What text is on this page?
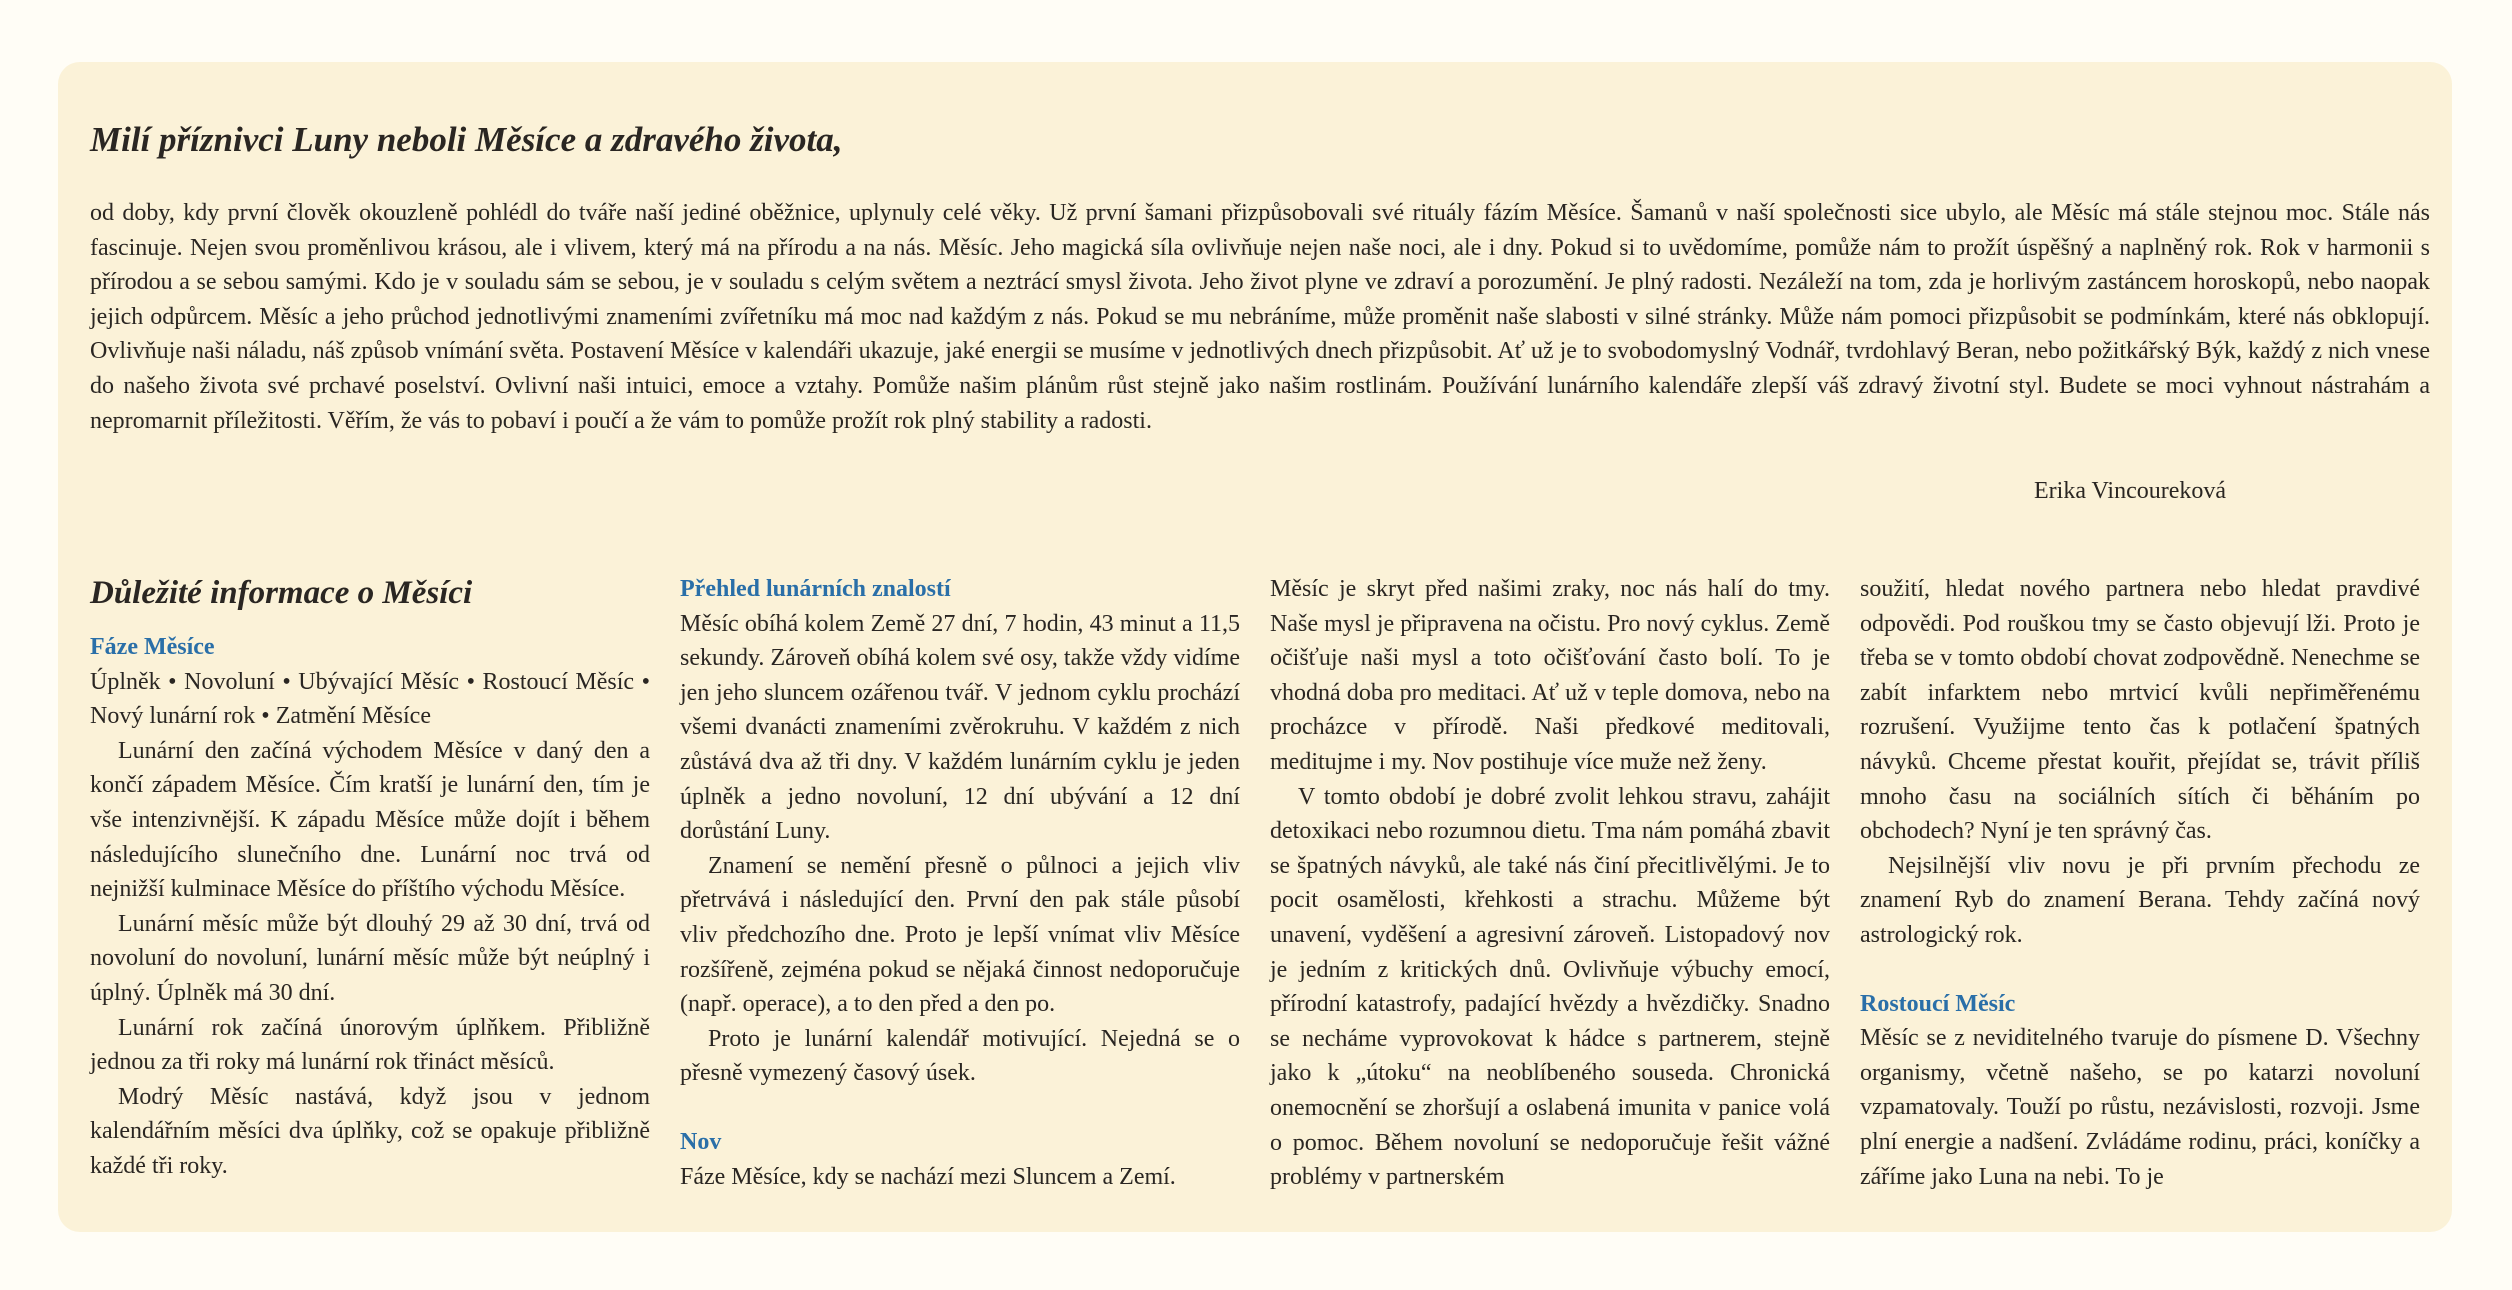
Milí příznivci Luny neboli Měsíce a zdravého života,

od doby, kdy první člověk okouzleně pohlédl do tváře naší jediné oběžnice, uplynuly celé věky. Už první šamani přizpůsobovali své rituály fázím Měsíce. Šamanů v naší společnosti sice ubylo, ale Měsíc má stále stejnou moc. Stále nás fascinuje. Nejen svou proměnlivou krásou, ale i vlivem, který má na přírodu a na nás. Měsíc. Jeho magická síla ovlivňuje nejen naše noci, ale i dny. Pokud si to uvědomíme, pomůže nám to prožít úspěšný a naplněný rok. Rok v harmonii s přírodou a se sebou samými. Kdo je v souladu sám se sebou, je v souladu s celým světem a neztrácí smysl života. Jeho život plyne ve zdraví a porozumění. Je plný radosti. Nezáleží na tom, zda je horlivým zastáncem horoskopů, nebo naopak jejich odpůrcem. Měsíc a jeho průchod jednotlivými znameními zvířetníku má moc nad každým z nás. Pokud se mu nebráníme, může proměnit naše slabosti v silné stránky. Může nám pomoci přizpůsobit se podmínkám, které nás obklopují. Ovlivňuje naši náladu, náš způsob vnímání světa. Postavení Měsíce v kalendáři ukazuje, jaké energii se musíme v jednotlivých dnech přizpůsobit. Ať už je to svobodomyslný Vodnář, tvrdohlavý Beran, nebo požitkářský Býk, každý z nich vnese do našeho života své prchavé poselství. Ovlivní naši intuici, emoce a vztahy. Pomůže našim plánům růst stejně jako našim rostlinám. Používání lunárního kalendáře zlepší váš zdravý životní styl. Budete se moci vyhnout nástrahám a nepromarnit příležitosti. Věřím, že vás to pobaví i poučí a že vám to pomůže prožít rok plný stability a radosti.

Erika Vincoureková

Důležité informace o Měsíci
Fáze Měsíce

Úplněk • Novoluní • Ubývající Měsíc • Rostoucí Měsíc • Nový lunární rok • Zatmění Měsíce

Lunární den začíná východem Měsíce v daný den a končí západem Měsíce. Čím kratší je lunární den, tím je vše intenzivnější. K západu Měsíce může dojít i během následujícího slunečního dne. Lunární noc trvá od nejnižší kulminace Měsíce do příštího východu Měsíce.

Lunární měsíc může být dlouhý 29 až 30 dní, trvá od novoluní do novoluní, lunární měsíc může být neúplný i úplný. Úplněk má 30 dní.

Lunární rok začíná únorovým úplňkem. Přibližně jednou za tři roky má lunární rok třináct měsíců.

Modrý Měsíc nastává, když jsou v jednom kalendářním měsíci dva úplňky, což se opakuje přibližně každé tři roky.

Přehled lunárních znalostí

Měsíc obíhá kolem Země 27 dní, 7 hodin, 43 minut a 11,5 sekundy. Zároveň obíhá kolem své osy, takže vždy vidíme jen jeho sluncem ozářenou tvář. V jednom cyklu prochází všemi dvanácti znameními zvěrokruhu. V každém z nich zůstává dva až tři dny. V každém lunárním cyklu je jeden úplněk a jedno novoluní, 12 dní ubývání a 12 dní dorůstání Luny.

Znamení se nemění přesně o půlnoci a jejich vliv přetrvává i následující den. První den pak stále působí vliv předchozího dne. Proto je lepší vnímat vliv Měsíce rozšířeně, zejména pokud se nějaká činnost nedoporučuje (např. operace), a to den před a den po.

Proto je lunární kalendář motivující. Nejedná se o přesně vymezený časový úsek.

Nov

Fáze Měsíce, kdy se nachází mezi Sluncem a Zemí.

Měsíc je skryt před našimi zraky, noc nás halí do tmy. Naše mysl je připravena na očistu. Pro nový cyklus. Země očišťuje naši mysl a toto očišťování často bolí. To je vhodná doba pro meditaci. Ať už v teple domova, nebo na procházce v přírodě. Naši předkové meditovali, meditujme i my. Nov postihuje více muže než ženy.

V tomto období je dobré zvolit lehkou stravu, zahájit detoxikaci nebo rozumnou dietu. Tma nám pomáhá zbavit se špatných návyků, ale také nás činí přecitlivělými. Je to pocit osamělosti, křehkosti a strachu. Můžeme být unavení, vyděšení a agresivní zároveň. Listopadový nov je jedním z kritických dnů. Ovlivňuje výbuchy emocí, přírodní katastrofy, padající hvězdy a hvězdičky. Snadno se necháme vyprovokovat k hádce s partnerem, stejně jako k „útoku“ na neoblíbeného souseda. Chronická onemocnění se zhoršují a oslabená imunita v panice volá o pomoc. Během novoluní se nedoporučuje řešit vážné problémy v partnerském

soužití, hledat nového partnera nebo hledat pravdivé odpovědi. Pod rouškou tmy se často objevují lži. Proto je třeba se v tomto období chovat zodpovědně. Nenechme se zabít infarktem nebo mrtvicí kvůli nepřiměřenému rozrušení. Využijme tento čas k potlačení špatných návyků. Chceme přestat kouřit, přejídat se, trávit příliš mnoho času na sociálních sítích či běháním po obchodech? Nyní je ten správný čas.

Nejsilnější vliv novu je při prvním přechodu ze znamení Ryb do znamení Berana. Tehdy začíná nový astrologický rok.

Rostoucí Měsíc

Měsíc se z neviditelného tvaruje do písmene D. Všechny organismy, včetně našeho, se po katarzi novoluní vzpamatovaly. Touží po růstu, nezávislosti, rozvoji. Jsme plní energie a nadšení. Zvládáme rodinu, práci, koníčky a záříme jako Luna na nebi. To je
